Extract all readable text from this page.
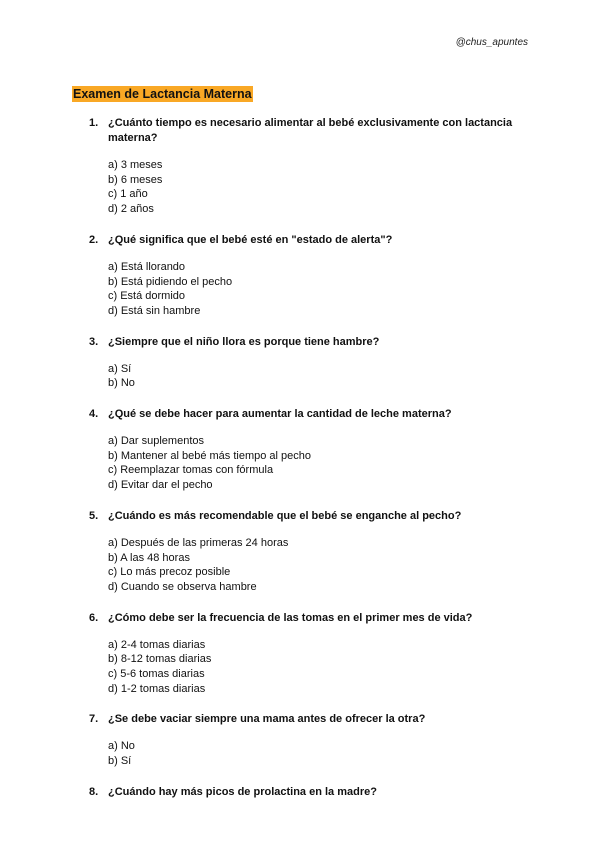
@chus_apuntes
Examen de Lactancia Materna
1. ¿Cuánto tiempo es necesario alimentar al bebé exclusivamente con lactancia materna?
a) 3 meses
b) 6 meses
c) 1 año
d) 2 años
2. ¿Qué significa que el bebé esté en "estado de alerta"?
a) Está llorando
b) Está pidiendo el pecho
c) Está dormido
d) Está sin hambre
3. ¿Siempre que el niño llora es porque tiene hambre?
a) Sí
b) No
4. ¿Qué se debe hacer para aumentar la cantidad de leche materna?
a) Dar suplementos
b) Mantener al bebé más tiempo al pecho
c) Reemplazar tomas con fórmula
d) Evitar dar el pecho
5. ¿Cuándo es más recomendable que el bebé se enganche al pecho?
a) Después de las primeras 24 horas
b) A las 48 horas
c) Lo más precoz posible
d) Cuando se observa hambre
6. ¿Cómo debe ser la frecuencia de las tomas en el primer mes de vida?
a) 2-4 tomas diarias
b) 8-12 tomas diarias
c) 5-6 tomas diarias
d) 1-2 tomas diarias
7. ¿Se debe vaciar siempre una mama antes de ofrecer la otra?
a) No
b) Sí
8. ¿Cuándo hay más picos de prolactina en la madre?
